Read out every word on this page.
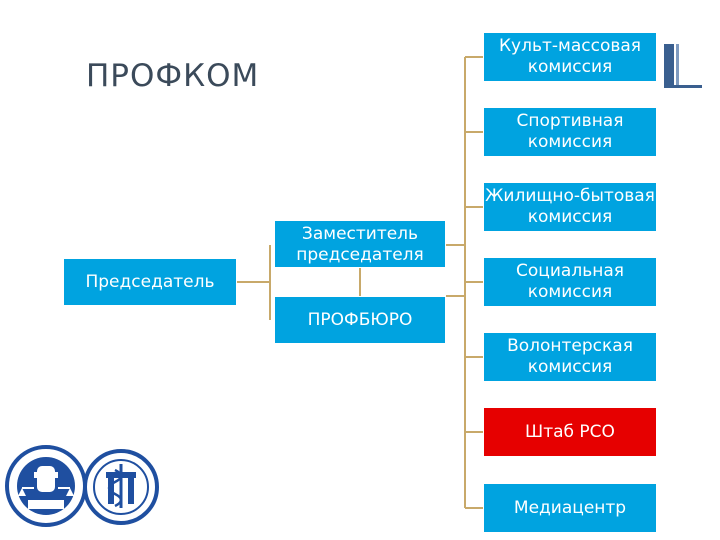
ПРОФКОМ
Председатель
Заместитель председателя
ПРОФБЮРО
Культ-массовая комиссия
Спортивная комиссия
Жилищно-бытовая комиссия
Социальная комиссия
Волонтерская комиссия
Штаб РСО
Медиацентр
